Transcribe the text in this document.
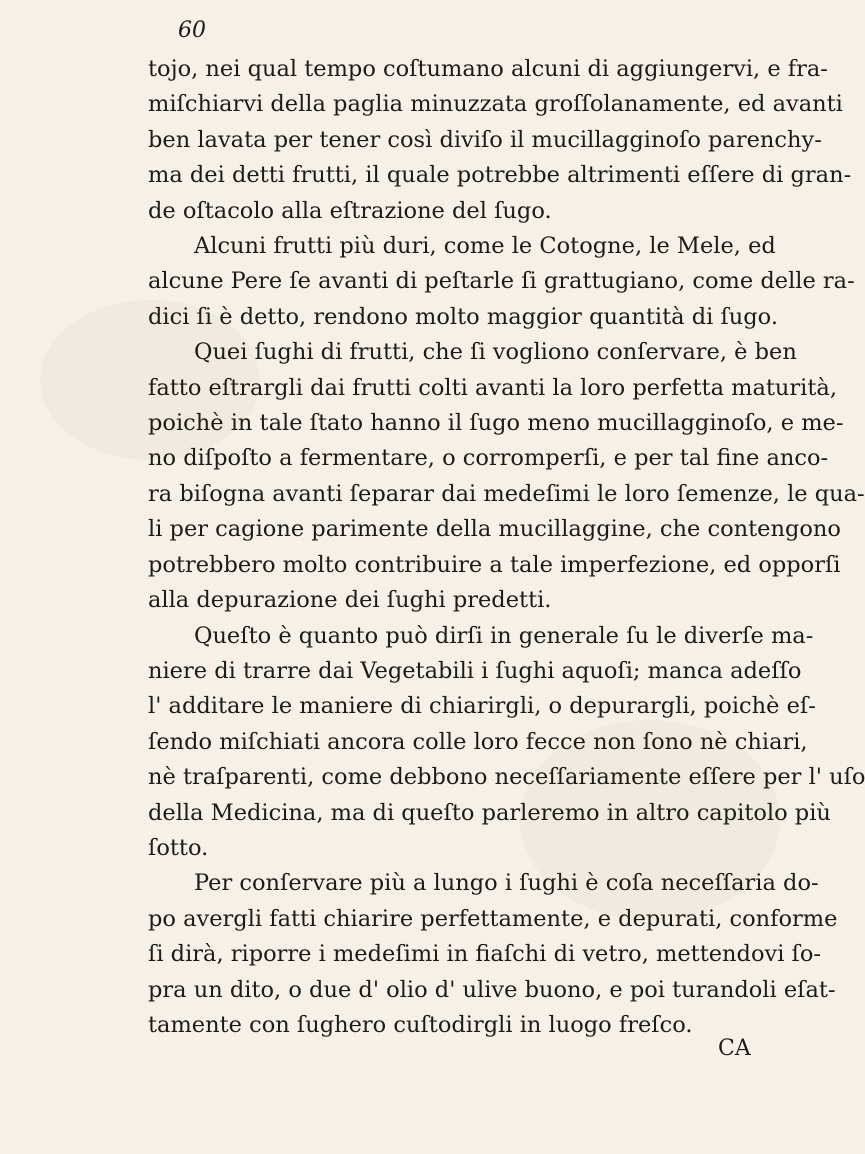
60
tojo, nei qual tempo coſtumano alcuni di aggiungervi, e fra-
miſchiarvi della paglia minuzzata groſſolanamente, ed avanti
ben lavata per tener così diviſo il mucillagginoſo parenchy-
ma dei detti frutti, il quale potrebbe altrimenti eſſere di gran-
de oſtacolo alla eſtrazione del ſugo.
Alcuni frutti più duri, come le Cotogne, le Mele, ed
alcune Pere ſe avanti di peſtarle ſi grattugiano, come delle ra-
dici ſi è detto, rendono molto maggior quantità di ſugo.
Quei ſughi di frutti, che ſi vogliono conſervare, è ben
fatto eſtrargli dai frutti colti avanti la loro perfetta maturità,
poichè in tale ſtato hanno il ſugo meno mucillagginoſo, e me-
no diſpoſto a fermentare, o corromperſi, e per tal fine anco-
ra biſogna avanti ſeparar dai medeſimi le loro ſemenze, le qua-
li per cagione parimente della mucillaggine, che contengono
potrebbero molto contribuire a tale imperfezione, ed opporſi
alla depurazione dei ſughi predetti.
Queſto è quanto può dirſi in generale ſu le diverſe ma-
niere di trarre dai Vegetabili i ſughi aquoſi; manca adeſſo
l' additare le maniere di chiarirgli, o depurargli, poichè eſ-
ſendo miſchiati ancora colle loro fecce non ſono nè chiari,
nè traſparenti, come debbono neceſſariamente eſſere per l' uſo
della Medicina, ma di queſto parleremo in altro capitolo più
ſotto.
Per conſervare più a lungo i ſughi è coſa neceſſaria do-
po avergli fatti chiarire perfettamente, e depurati, conforme
ſi dirà, riporre i medeſimi in fiaſchi di vetro, mettendovi ſo-
pra un dito, o due d' olio d' ulive buono, e poi turandoli eſat-
tamente con ſughero cuſtodirgli in luogo freſco.
CA
